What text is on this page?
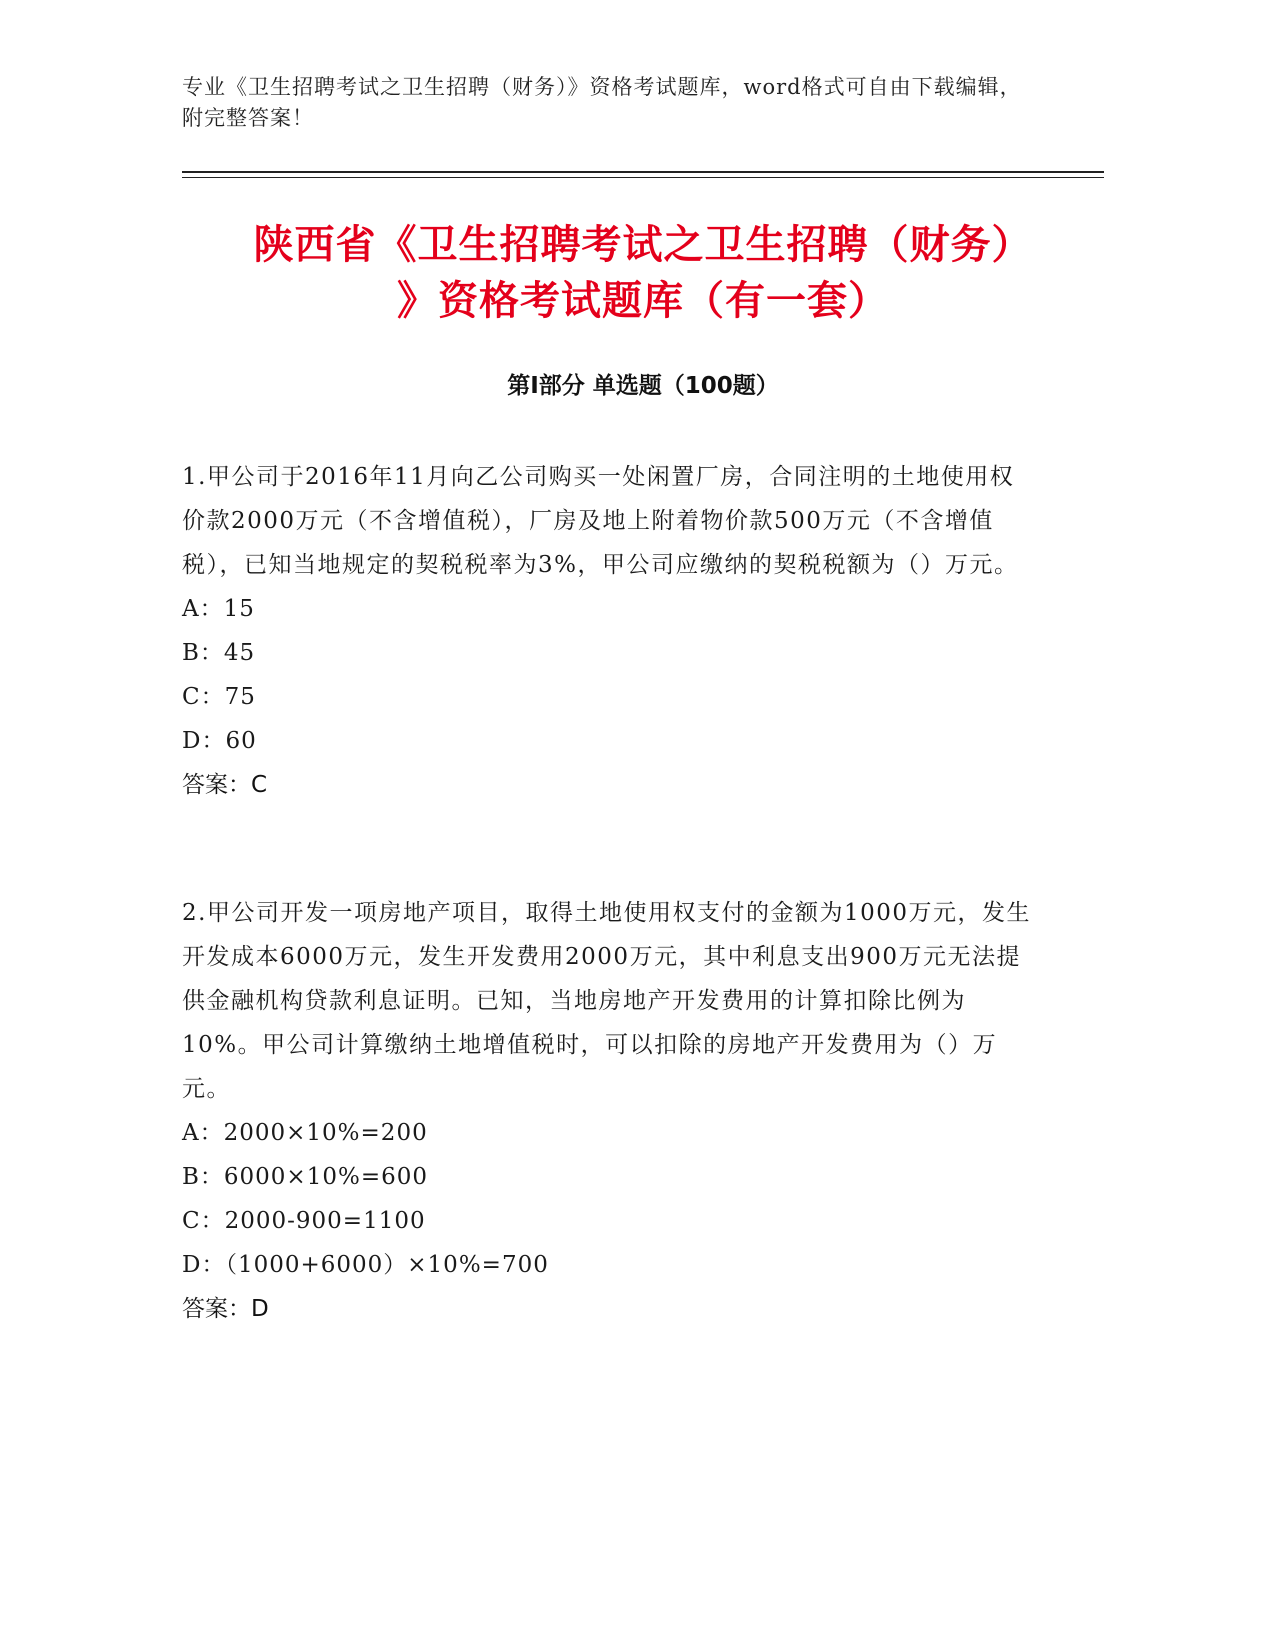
专业《卫生招聘考试之卫生招聘（财务）》资格考试题库，word格式可自由下载编辑，附完整答案！
陕西省《卫生招聘考试之卫生招聘（财务）
》资格考试题库（有一套）
第Ⅰ部分 单选题（100题）

1.甲公司于2016年11月向乙公司购买一处闲置厂房，合同注明的土地使用权价款2000万元（不含增值税），厂房及地上附着物价款500万元（不含增值税），已知当地规定的契税税率为3%，甲公司应缴纳的契税税额为（）万元。

A：15

B：45

C：75

D：60

答案：C

2.甲公司开发一项房地产项目，取得土地使用权支付的金额为1000万元，发生开发成本6000万元，发生开发费用2000万元，其中利息支出900万元无法提供金融机构贷款利息证明。已知，当地房地产开发费用的计算扣除比例为10%。甲公司计算缴纳土地增值税时，可以扣除的房地产开发费用为（）万元。

A：2000×10%=200

B：6000×10%=600

C：2000-900=1100

D：（1000+6000）×10%=700

答案：D
